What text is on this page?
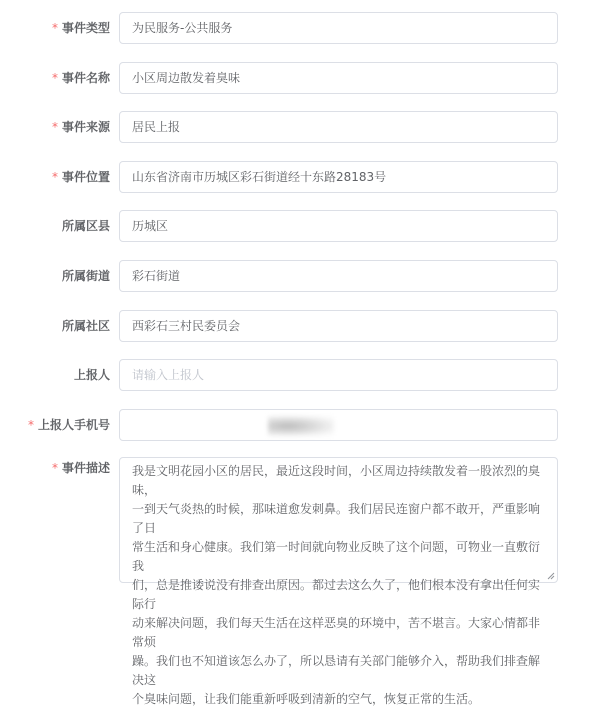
* 事件类型	为民服务-公共服务
* 事件名称	小区周边散发着臭味
* 事件来源	居民上报
* 事件位置	山东省济南市历城区彩石街道经十东路28183号
所属区县	历城区
所属街道	彩石街道
所属社区	西彩石三村民委员会
上报人	请输入上报人
* 上报人手机号
* 事件描述 我是文明花园小区的居民，最近这段时间，小区周边持续散发着一股浓烈的臭味，
一到天气炎热的时候，那味道愈发刺鼻。我们居民连窗户都不敢开，严重影响了日
常生活和身心健康。我们第一时间就向物业反映了这个问题，可物业一直敷衍我
们，总是推诿说没有排查出原因。都过去这么久了，他们根本没有拿出任何实际行
动来解决问题，我们每天生活在这样恶臭的环境中，苦不堪言。大家心情都非常烦
躁。我们也不知道该怎么办了，所以恳请有关部门能够介入，帮助我们排查解决这
个臭味问题，让我们能重新呼吸到清新的空气，恢复正常的生活。
